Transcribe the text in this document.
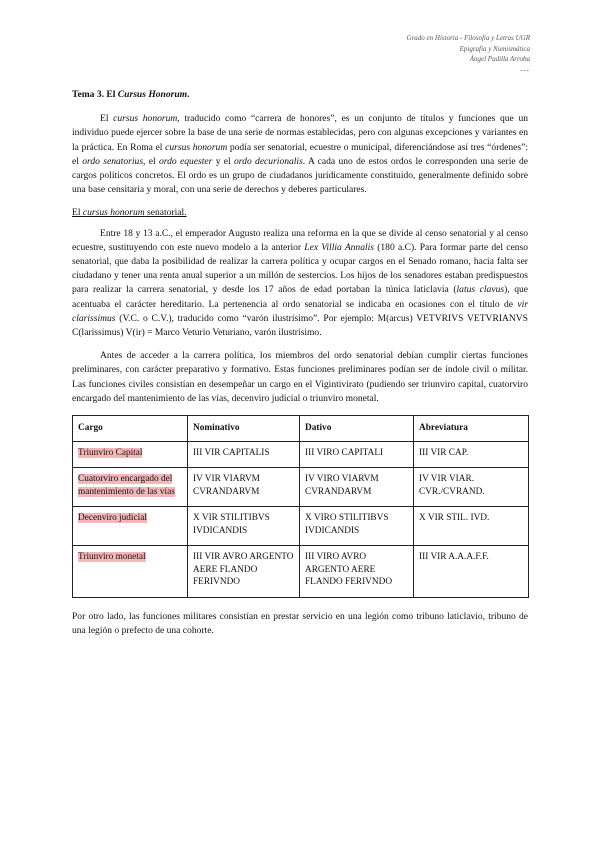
Grado en Historia - Filosofía y Letras UGR
Epigrafía y Numismática
Ángel Padilla Arroba
---
Tema 3. El Cursus Honorum.

El cursus honorum, traducido como “carrera de honores”, es un conjunto de títulos y funciones que un individuo puede ejercer sobre la base de una serie de normas establecidas, pero con algunas excepciones y variantes en la práctica. En Roma el cursus honorum podía ser senatorial, ecuestre o municipal, diferenciándose así tres “órdenes”: el ordo senatorius, el ordo equester y el ordo decurionalis. A cada uno de estos ordos le corresponden una serie de cargos políticos concretos. El ordo es un grupo de ciudadanos jurídicamente constituido, generalmente definido sobre una base censitaria y moral, con una serie de derechos y deberes particulares.

El cursus honorum senatorial.

Entre 18 y 13 a.C., el emperador Augusto realiza una reforma en la que se divide al censo senatorial y al censo ecuestre, sustituyendo con este nuevo modelo a la anterior Lex Villia Annalis (180 a.C). Para formar parte del censo senatorial, que daba la posibilidad de realizar la carrera política y ocupar cargos en el Senado romano, hacía falta ser ciudadano y tener una renta anual superior a un millón de sestercios. Los hijos de los senadores estaban predispuestos para realizar la carrera senatorial, y desde los 17 años de edad portaban la túnica laticlavia (latus clavus), que acentuaba el carácter hereditario. La pertenencia al ordo senatorial se indicaba en ocasiones con el título de vir clarissimus (V.C. o C.V.), traducido como “varón ilustrísimo”. Por ejemplo: M(arcus) VETVRIVS VETVRIANVS C(larissimus) V(ir) = Marco Veturio Veturiano, varón ilustrísimo.

Antes de acceder a la carrera política, los miembros del ordo senatorial debían cumplir ciertas funciones preliminares, con carácter preparativo y formativo. Estas funciones preliminares podían ser de índole civil o militar. Las funciones civiles consistían en desempeñar un cargo en el Vigintivirato (pudiendo ser triunviro capital, cuatorviro encargado del mantenimiento de las vías, decenviro judicial o triunviro monetal.

Cargo	Nominativo	Dativo	Abreviatura
Triunviro Capital	III VIR CAPITALIS	III VIRO CAPITALI	III VIR CAP.
Cuatorviro encargado del mantenimiento de las vías	IV VIR VIARVM CVRANDARVM	IV VIRO VIARVM CVRANDARVM	IV VIR VIAR. CVR./CVRAND.
Decenviro judicial	X VIR STILITIBVS IVDICANDIS	X VIRO STILITIBVS IVDICANDIS	X VIR STIL. IVD.
Triunviro monetal	III VIR AVRO ARGENTO AERE FLANDO FERIVNDO	III VIRO AVRO ARGENTO AERE FLANDO FERIVNDO	III VIR A.A.A.F.F.

Por otro lado, las funciones militares consistían en prestar servicio en una legión como tribuno laticlavio, tribuno de una legión o prefecto de una cohorte.
